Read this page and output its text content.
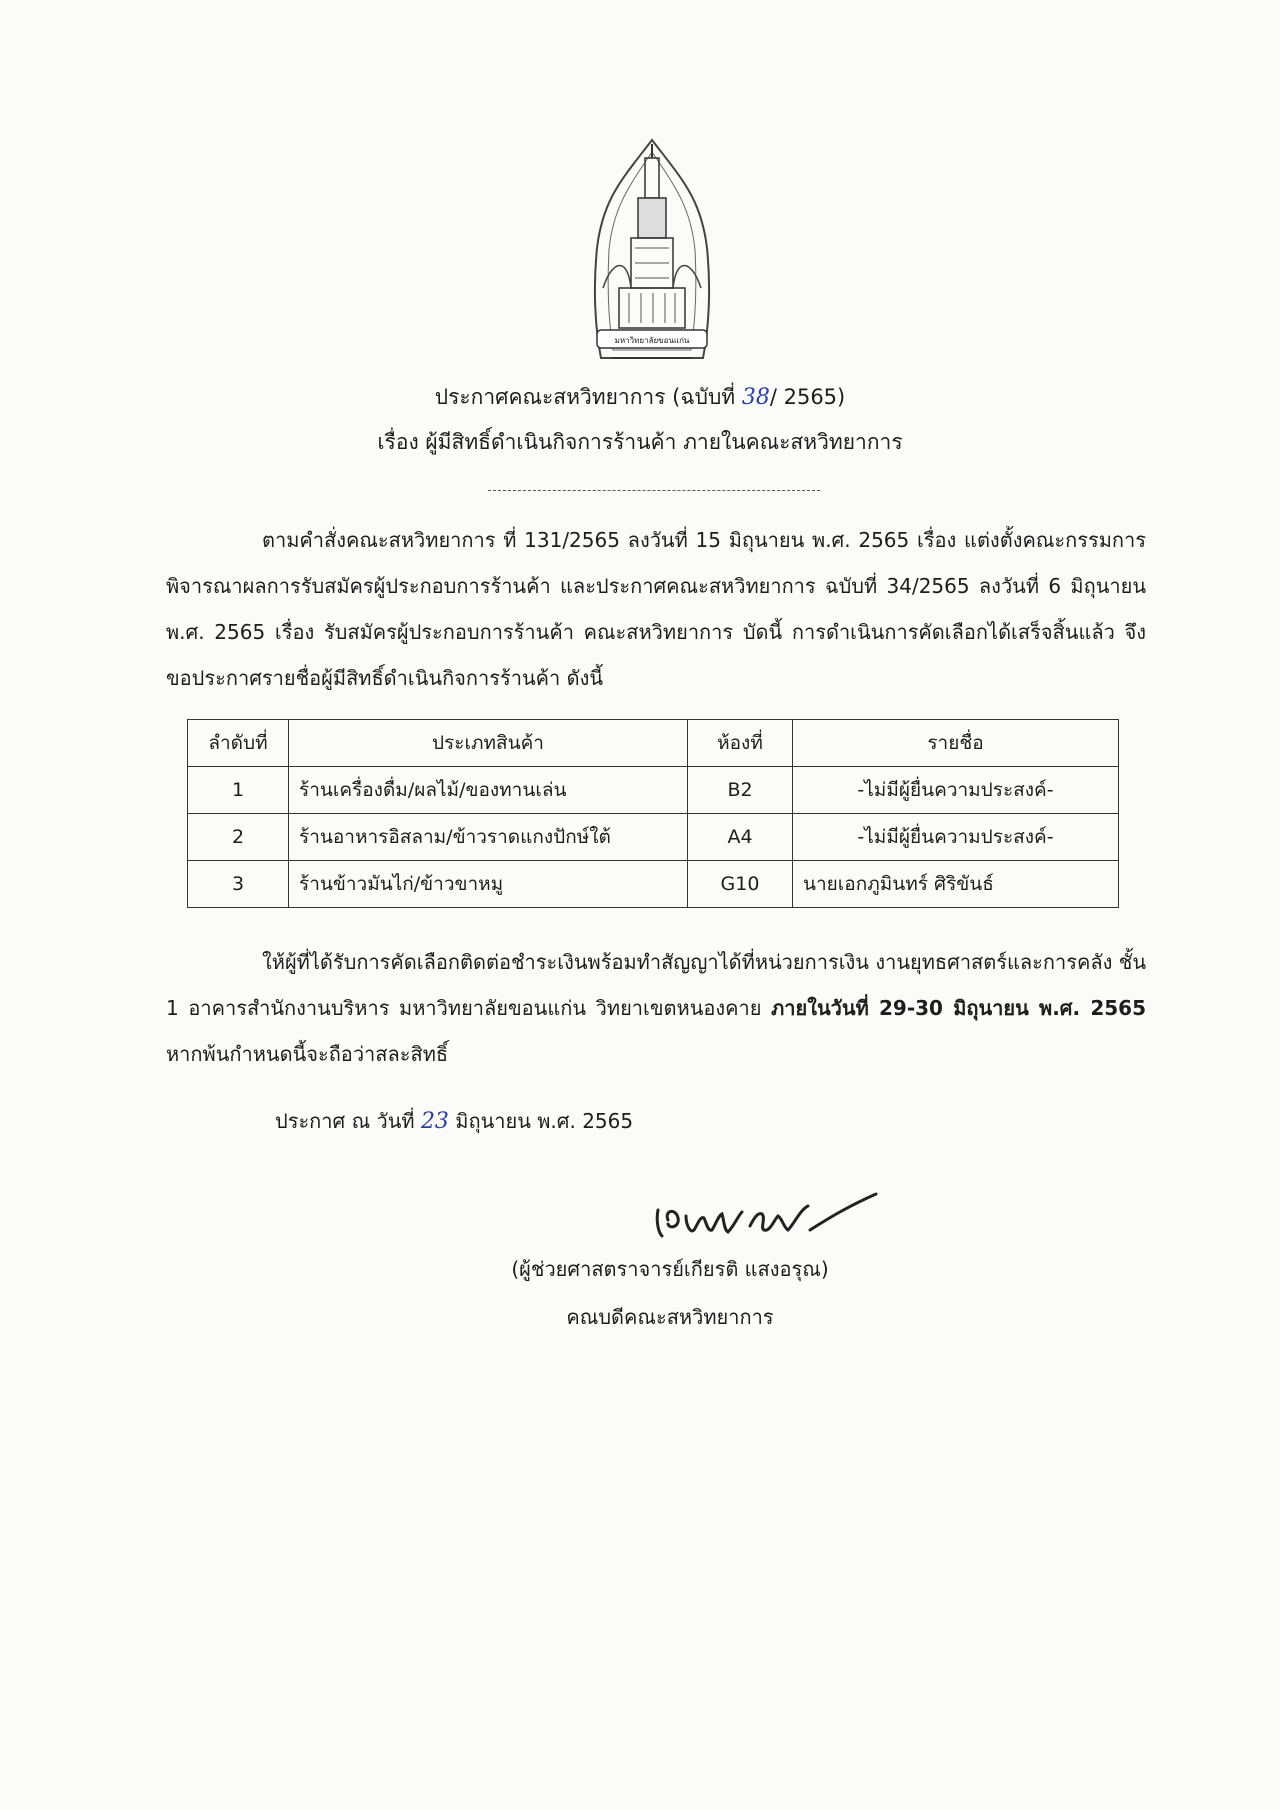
มหาวิทยาลัยขอนแก่น
ประกาศคณะสหวิทยาการ (ฉบับที่ 38/ 2565)
เรื่อง ผู้มีสิทธิ์ดำเนินกิจการร้านค้า ภายในคณะสหวิทยาการ
ตามคำสั่งคณะสหวิทยาการ ที่ 131/2565 ลงวันที่ 15 มิถุนายน พ.ศ. 2565 เรื่อง แต่งตั้งคณะกรรมการพิจารณาผลการรับสมัครผู้ประกอบการร้านค้า และประกาศคณะสหวิทยาการ ฉบับที่ 34/2565 ลงวันที่ 6 มิถุนายน พ.ศ. 2565 เรื่อง รับสมัครผู้ประกอบการร้านค้า คณะสหวิทยาการ บัดนี้ การดำเนินการคัดเลือกได้เสร็จสิ้นแล้ว จึงขอประกาศรายชื่อผู้มีสิทธิ์ดำเนินกิจการร้านค้า ดังนี้
ลำดับที่	ประเภทสินค้า	ห้องที่	รายชื่อ
1	ร้านเครื่องดื่ม/ผลไม้/ของทานเล่น	B2	-ไม่มีผู้ยื่นความประสงค์-
2	ร้านอาหารอิสลาม/ข้าวราดแกงปักษ์ใต้	A4	-ไม่มีผู้ยื่นความประสงค์-
3	ร้านข้าวมันไก่/ข้าวขาหมู	G10	นายเอกภูมินทร์ ศิริขันธ์
ให้ผู้ที่ได้รับการคัดเลือกติดต่อชำระเงินพร้อมทำสัญญาได้ที่หน่วยการเงิน งานยุทธศาสตร์และการคลัง ชั้น 1 อาคารสำนักงานบริหาร มหาวิทยาลัยขอนแก่น วิทยาเขตหนองคาย ภายในวันที่ 29-30 มิถุนายน พ.ศ. 2565 หากพ้นกำหนดนี้จะถือว่าสละสิทธิ์
ประกาศ ณ วันที่ 23 มิถุนายน พ.ศ. 2565
(ผู้ช่วยศาสตราจารย์เกียรติ แสงอรุณ)
คณบดีคณะสหวิทยาการ
